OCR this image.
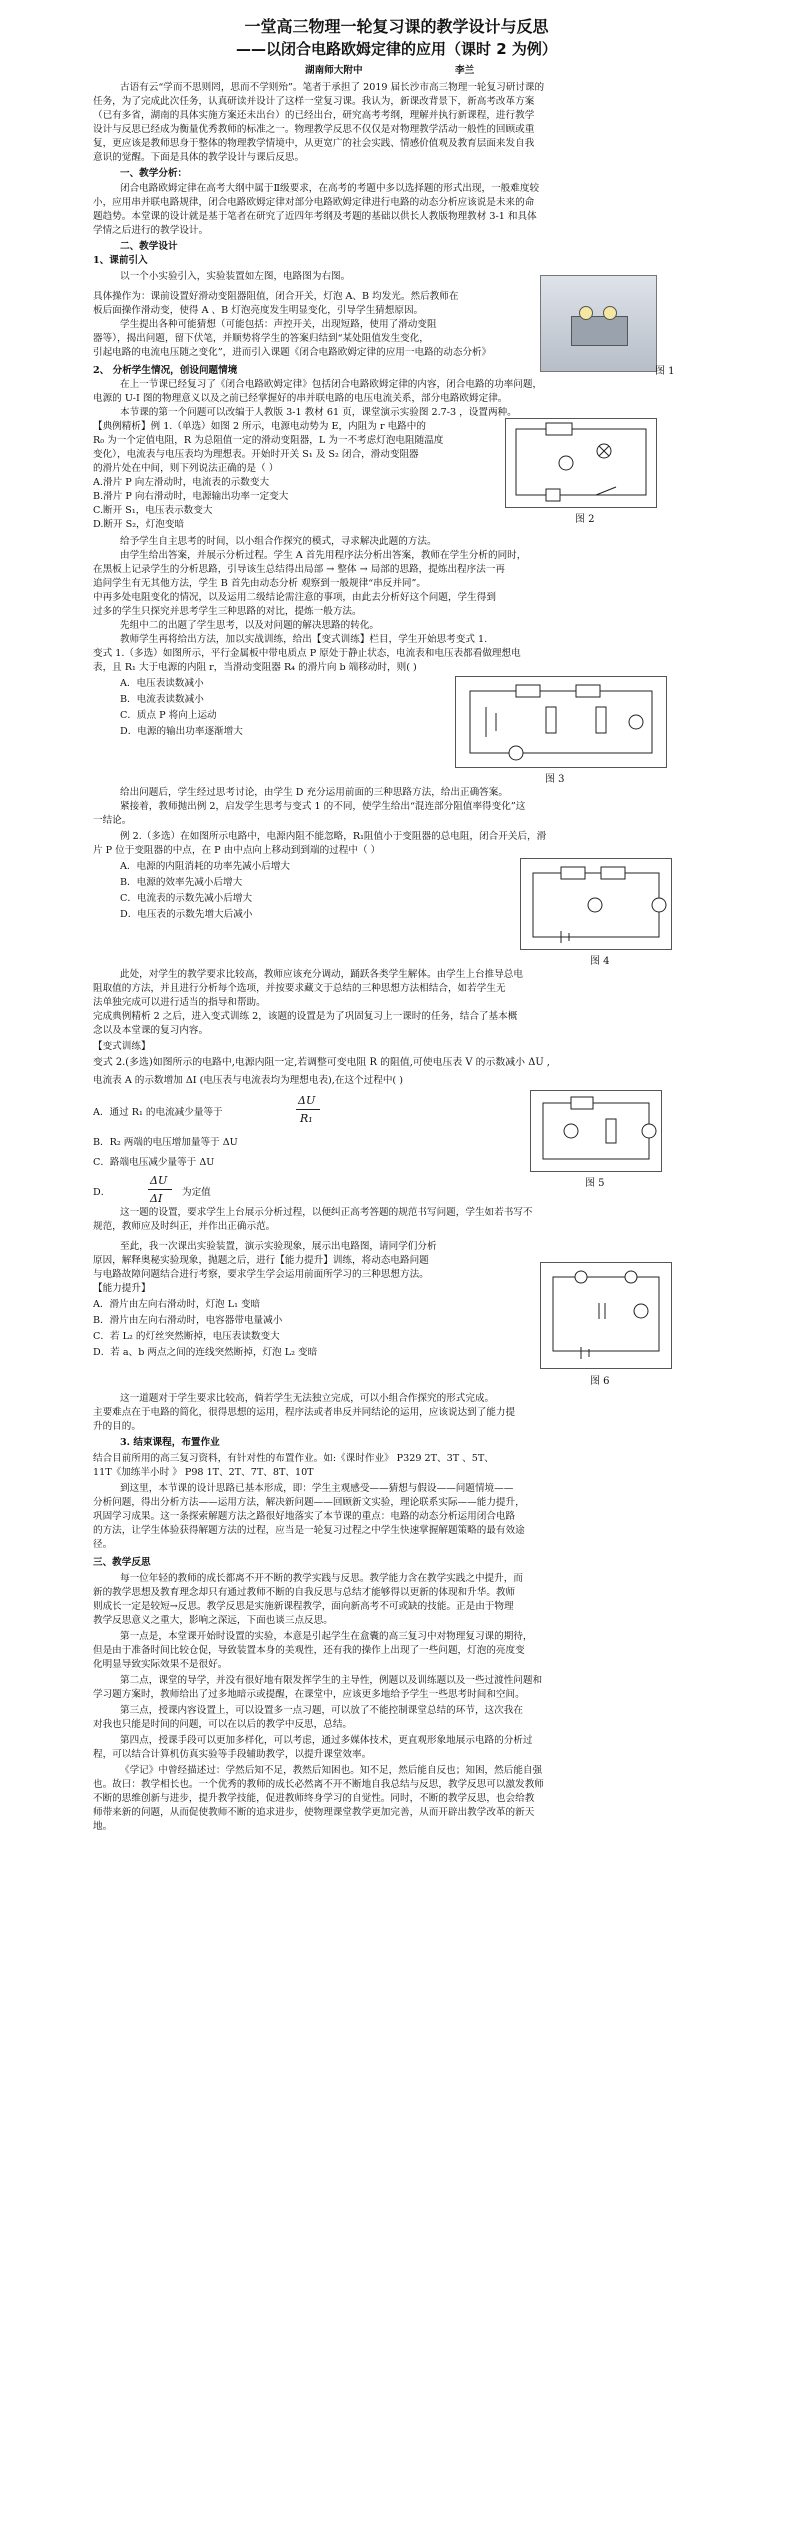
一堂高三物理一轮复习课的教学设计与反思
——以闭合电路欧姆定律的应用（课时 2 为例）
湖南师大附中	李兰
古语有云“学而不思则罔，思而不学则殆”。笔者于承担了 2019 届长沙市高三物理一轮复习研讨课的
任务，为了完成此次任务，认真研读并设计了这样一堂复习课。我认为，新课改背景下，新高考改革方案
（已有多省，湖南的具体实施方案还未出台）的已经出台，研究高考考纲，理解并执行新课程，进行教学
设计与反思已经成为衡量优秀教师的标准之一。物理教学反思不仅仅是对物理教学活动一般性的回顾或重
复，更应该是教师思身于整体的物理教学情境中，从更宽广的社会实践、情感价值观及教育层面来发自我
意识的觉醒。下面是具体的教学设计与课后反思。
一、教学分析：
闭合电路欧姆定律在高考大纲中属于Ⅱ级要求，在高考的考题中多以选择题的形式出现，一般难度较
小，应用串并联电路规律，闭合电路欧姆定律对部分电路欧姆定律进行电路的动态分析应该说是未来的命
题趋势。本堂课的设计就是基于笔者在研究了近四年考纲及考题的基础以供长人教版物理教材 3-1 和具体
学情之后进行的教学设计。
二、教学设计
1、课前引入
以一个小实验引入，实验装置如左图，电路图为右图。
图 1
具体操作为：课前设置好滑动变阻器阻值，闭合开关，灯泡 A、B 均发光。然后教师在
板后面操作滑动变，使得 A 、B 灯泡亮度发生明显变化，引导学生猜想原因。
学生提出各种可能猜想（可能包括：声控开关，出现短路，使用了滑动变阻
器等），揭出问题，留下伏笔，并顺势将学生的答案归结到“某处阻值发生变化，
引起电路的电流电压随之变化”，进而引入课题《闭合电路欧姆定律的应用一电路的动态分析》
2、 分析学生情况，创设问题情境
在上一节课已经复习了《闭合电路欧姆定律》包括闭合电路欧姆定律的内容，闭合电路的功率问题，
电源的 U-I 图的物理意义以及之前已经掌握好的串并联电路的电压电流关系，部分电路欧姆定律。
本节课的第一个问题可以改编于人教版 3-1 教材 61 页，课堂演示实验图 2.7-3 ，设置两种。
【典例精析】例 1.（单选）如图 2 所示，电源电动势为 E，内阻为 r 电路中的
R₀ 为一个定值电阻，R 为总阻值一定的滑动变阻器，L 为一不考虑灯泡电阻随温度
变化），电流表与电压表均为理想表。开始时开关 S₁ 及 S₂ 闭合，滑动变阻器
的滑片处在中间，则下列说法正确的是（ ）
A.滑片 P 向左滑动时，电流表的示数变大
B.滑片 P 向右滑动时，电源输出功率一定变大
C.断开 S₁，电压表示数变大
D.断开 S₂，灯泡变暗	图 2
给予学生自主思考的时间，以小组合作探究的模式，寻求解决此题的方法。
由学生给出答案，并展示分析过程。学生 A 首先用程序法分析出答案，教师在学生分析的同时，
在黑板上记录学生的分析思路，引导该生总结得出局部 → 整体 → 局部的思路，提炼出程序法一再
追问学生有无其他方法，学生 B 首先由动态分析 观察到一般规律“串反并同”。
中再多处电阻变化的情况，以及运用二级结论需注意的事项，由此去分析好这个问题，学生得到
过多的学生只探究并思考学生三种思路的对比，提炼一般方法。
先组中二的出题了学生思考，以及对问题的解决思路的转化。
教师学生再将给出方法，加以实战训练，给出【变式训练】栏目，学生开始思考变式 1.
变式 1.（多选）如图所示，平行金属板中带电质点 P 原处于静止状态，电流表和电压表都看做理想电
表，且 R₁ 大于电源的内阻 r，当滑动变阻器 R₄ 的滑片向 b 端移动时，则( )
A．电压表读数减小
B．电流表读数减小
C．质点 P 将向上运动
D．电源的输出功率逐渐增大
图 3
给出问题后，学生经过思考讨论，由学生 D 充分运用前面的三种思路方法，给出正确答案。
紧接着，教师抛出例 2，启发学生思考与变式 1 的不同，使学生给出“混连部分阻值率得变化”这
一结论。
例 2.（多选）在如图所示电路中，电源内阻不能忽略，R₁阻值小于变阻器的总电阻，闭合开关后，滑
片 P 位于变阻器的中点，在 P 由中点向上移动到到端的过程中（ ）
A．电源的内阻消耗的功率先减小后增大
B．电源的效率先减小后增大
C．电流表的示数先减小后增大
D．电压表的示数先增大后减小
图 4
此处，对学生的教学要求比较高，教师应该充分调动，踊跃各类学生解体。由学生上台推导总电
阻取值的方法，并且进行分析每个选项，并按要求藏文于总结的三种思想方法相结合，如若学生无
法单独完成可以进行适当的指导和帮助。
完成典例精析 2 之后，进入变式训练 2，该题的设置是为了巩固复习上一课时的任务，结合了基本概
念以及本堂课的复习内容。
【变式训练】
变式 2.(多选)如图所示的电路中,电源内阻一定,若调整可变电阻 R 的阻值,可使电压表 V 的示数减小 ΔU ,
电流表 A 的示数增加 ΔI (电压表与电流表均为理想电表),在这个过程中( )
A．通过 R₁ 的电流减少量等于
ΔU
R₁
B．R₂ 两端的电压增加量等于 ΔU
C．路端电压减少量等于 ΔU
D．
ΔU
ΔI 为定值
图 5
这一题的设置，要求学生上台展示分析过程，以便纠正高考答题的规范书写问题，学生如若书写不
规范，教师应及时纠正，并作出正确示范。
至此，我一次课出实验装置，演示实验现象，展示出电路图，请同学们分析
原因，解释奥秘实验现象，抛题之后，进行【能力提升】训练，将动态电路问题
与电路故障问题结合进行考察，要求学生学会运用前面所学习的三种思想方法。
【能力提升】
A．滑片由左向右滑动时，灯泡 L₁ 变暗
B．滑片由左向右滑动时，电容器带电量减小
C．若 L₂ 的灯丝突然断掉，电压表读数变大
D．若 a、b 两点之间的连线突然断掉，灯泡 L₂ 变暗
图 6
这一道题对于学生要求比较高，倘若学生无法独立完成，可以小组合作探究的形式完成。
主要难点在于电路的简化，很得思想的运用，程序法或者串反并同结论的运用，应该说达到了能力提
升的目的。
3. 结束课程，布置作业
结合目前所用的高三复习资料，有针对性的布置作业。如:《课时作业》 P329 2T、3T 、5T、
11T《加练半小时 》 P98 1T、2T、7T、8T、10T
到这里，本节课的设计思路已基本形成，即：学生主观感受——猜想与假设——问题情境——
分析问题，得出分析方法——运用方法，解决新问题——回顾新文实验，理论联系实际——能力提升，
巩固学习成果。这一条探索解题方法之路很好地落实了本节课的重点：电路的动态分析运用闭合电路
的方法，让学生体验获得解题方法的过程，应当是一轮复习过程之中学生快速掌握解题策略的最有效途
径。
三、教学反思
每一位年轻的教师的成长都离不开不断的教学实践与反思。教学能力含在教学实践之中提升，而
新的教学思想及教育理念却只有通过教师不断的自我反思与总结才能够得以更新的体现和升华。教师
则成长一定是较短→反思。教学反思是实施新课程教学，面向新高考不可或缺的技能。正是由于物理
教学反思意义之重大，影响之深远，下面也谈三点反思。
第一点是，本堂课开始时设置的实验，本意是引起学生在盒囊的高三复习中对物理复习课的期待，
但是由于准备时间比较仓促，导致装置本身的美观性，还有我的操作上出现了一些问题，灯泡的亮度变
化明显导致实际效果不是很好。
第二点，课堂的导学，并没有很好地有限发挥学生的主导性，例题以及训练题以及一些过渡性问题和
学习题方案时，教师给出了过多地暗示或提醒，在课堂中，应该更多地给予学生一些思考时间和空间。
第三点，授课内容设置上，可以设置多一点习题，可以放了不能控制课堂总结的环节，这次我在
对我也只能是时间的问题，可以在以后的教学中反思，总结。
第四点，授课手段可以更加多样化，可以考虑，通过多媒体技术，更直观形象地展示电路的分析过
程，可以结合计算机仿真实验等手段辅助教学，以提升课堂效率。
《学记》中曾经描述过：学然后知不足，教然后知困也。知不足，然后能自反也；知困，然后能自强
也。故曰：教学相长也。一个优秀的教师的成长必然离不开不断地自我总结与反思，教学反思可以激发教师
不断的思维创新与进步，提升教学技能，促进教师终身学习的自觉性。同时，不断的教学反思，也会给教
师带来新的问题，从而促使教师不断的追求进步，使物理课堂教学更加完善，从而开辟出教学改革的新天
地。
